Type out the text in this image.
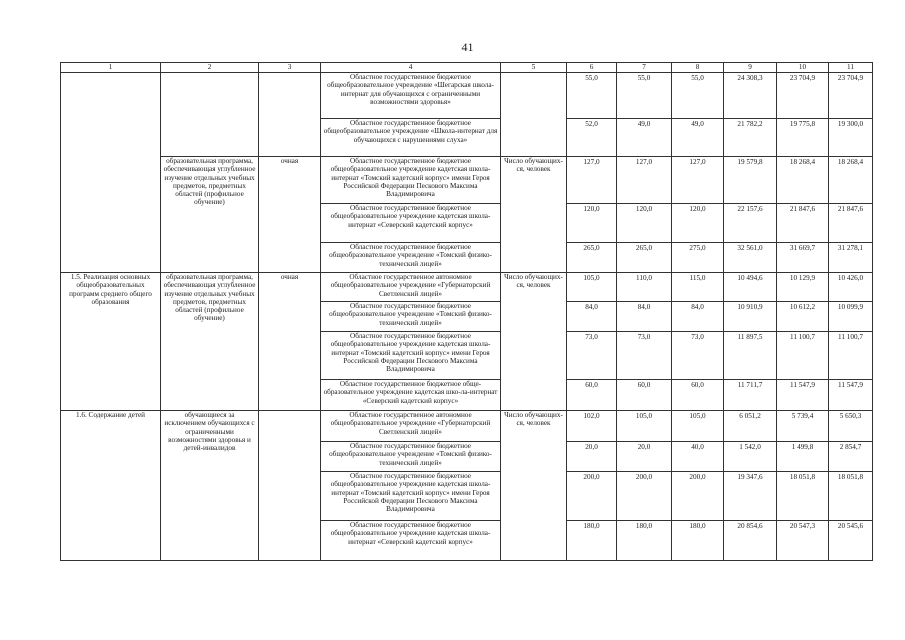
41
1	2	3	4	5	6	7	8	9	10	11
			Областное государственное бюджетное общеобразовательное учреждение «Шегарская школа-интернат для обучающихся с ограниченными возможностями здоровья»		55,0	55,0	55,0	24 308,3	23 704,9	23 704,9
			Областное государственное бюджетное общеобразовательное учреждение «Школа-интернат для обучающихся с нарушениями слуха»		52,0	49,0	49,0	21 782,2	19 775,8	19 300,0
	образовательная программа, обеспечивающая углубленное изучение отдельных учебных предметов, предметных областей (профильное обучение)	очная	Областное государственное бюджетное общеобразовательное учреждение кадетская школа-интернат «Томский кадетский корпус» имени Героя Российской Федерации Пескового Максима Владимировича	Число обучающих-ся, человек	127,0	127,0	127,0	19 579,8	18 268,4	18 268,4
			Областное государственное бюджетное общеобразовательное учреждение кадетская школа-интернат «Северский кадетский корпус»		120,0	120,0	120,0	22 157,6	21 847,6	21 847,6
			Областное государственное бюджетное общеобразовательное учреждение «Томский физико-технический лицей»		265,0	265,0	275,0	32 561,0	31 669,7	31 278,1
1.5. Реализация основных общеобразовательных программ среднего общего образования	образовательная программа, обеспечивающая углубленное изучение отдельных учебных предметов, предметных областей (профильное обучение)	очная	Областное государственное автономное общеобразовательное учреждение «Губернаторский Светленский лицей»	Число обучающих-ся, человек	105,0	110,0	115,0	10 494,6	10 129,9	10 426,0
			Областное государственное бюджетное общеобразовательное учреждение «Томский физико-технический лицей»		84,0	84,0	84,0	10 910,9	10 612,2	10 099,9
			Областное государственное бюджетное общеобразовательное учреждение кадетская школа-интернат «Томский кадетский корпус» имени Героя Российской Федерации Пескового Максима Владимировича		73,0	73,0	73,0	11 897,5	11 100,7	11 100,7
			Областное государственное бюджетное обще-образовательное учреждение кадетская шко-ла-интернат «Северский кадетский корпус»		60,0	60,0	60,0	11 711,7	11 547,9	11 547,9
1.6. Содержание детей	обучающиеся за исключением обучающихся с ограниченными возможностями здоровья и детей-инвалидов		Областное государственное автономное общеобразовательное учреждение «Губернаторский Светленский лицей»	Число обучающих-ся, человек	102,0	105,0	105,0	6 051,2	5 739,4	5 650,3
			Областное государственное бюджетное общеобразовательное учреждение «Томский физико-технический лицей»		20,0	20,0	40,0	1 542,0	1 499,8	2 854,7
			Областное государственное бюджетное общеобразовательное учреждение кадетская школа-интернат «Томский кадетский корпус» имени Героя Российской Федерации Пескового Максима Владимировича		200,0	200,0	200,0	19 347,6	18 051,8	18 051,8
			Областное государственное бюджетное общеобразовательное учреждение кадетская школа-интернат «Северский кадетский корпус»		180,0	180,0	180,0	20 854,6	20 547,3	20 545,6
